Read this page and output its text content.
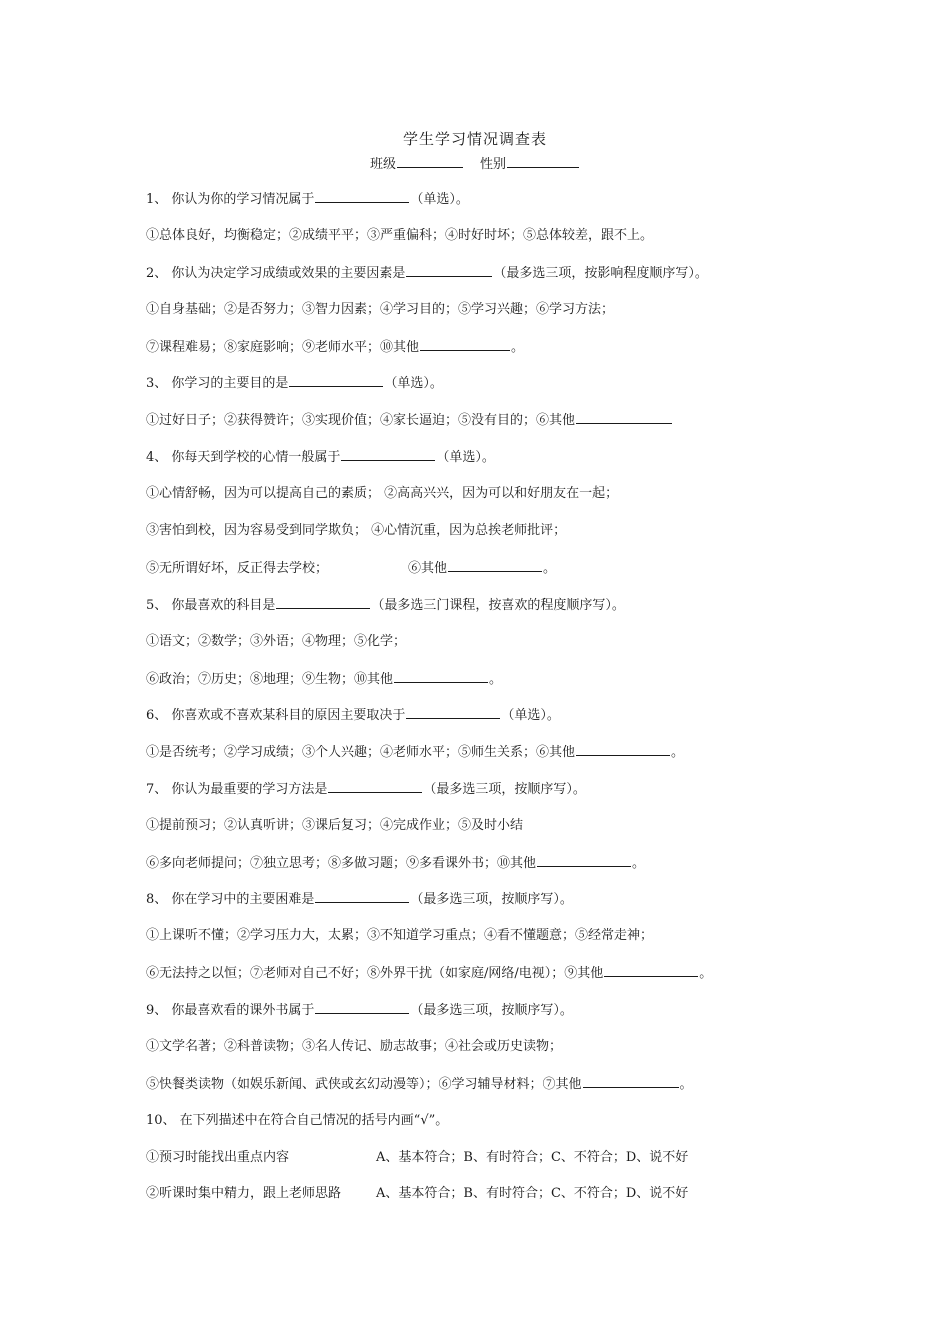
学生学习情况调查表
班级	性别
1、 你认为你的学习情况属于	（单选）。
①总体良好，均衡稳定；②成绩平平；③严重偏科；④时好时坏；⑤总体较差，跟不上。
2、 你认为决定学习成绩或效果的主要因素是	（最多选三项，按影响程度顺序写）。
①自身基础；②是否努力；③智力因素；④学习目的；⑤学习兴趣；⑥学习方法；
⑦课程难易；⑧家庭影响；⑨老师水平；⑩其他	。
3、 你学习的主要目的是	（单选）。
①过好日子；②获得赞许；③实现价值；④家长逼迫；⑤没有目的；⑥其他
4、 你每天到学校的心情一般属于	（单选）。
①心情舒畅，因为可以提高自己的素质； ②高高兴兴，因为可以和好朋友在一起；
③害怕到校，因为容易受到同学欺负； ④心情沉重，因为总挨老师批评；
⑤无所谓好坏，反正得去学校；	⑥其他	。
5、 你最喜欢的科目是	（最多选三门课程，按喜欢的程度顺序写）。
①语文；②数学；③外语；④物理；⑤化学；
⑥政治；⑦历史；⑧地理；⑨生物；⑩其他	。
6、 你喜欢或不喜欢某科目的原因主要取决于	（单选）。
①是否统考；②学习成绩；③个人兴趣；④老师水平；⑤师生关系；⑥其他	。
7、 你认为最重要的学习方法是	（最多选三项，按顺序写）。
①提前预习；②认真听讲；③课后复习；④完成作业；⑤及时小结
⑥多向老师提问；⑦独立思考；⑧多做习题；⑨多看课外书；⑩其他	。
8、 你在学习中的主要困难是	（最多选三项，按顺序写）。
①上课听不懂；②学习压力大，太累；③不知道学习重点；④看不懂题意；⑤经常走神；
⑥无法持之以恒；⑦老师对自己不好；⑧外界干扰（如家庭/网络/电视）；⑨其他	。
9、 你最喜欢看的课外书属于	（最多选三项，按顺序写）。
①文学名著；②科普读物；③名人传记、励志故事；④社会或历史读物；
⑤快餐类读物（如娱乐新闻、武侠或玄幻动漫等）；⑥学习辅导材料；⑦其他	。
10、 在下列描述中在符合自己情况的括号内画“√”。
①预习时能找出重点内容	A、基本符合；B、有时符合；C、不符合；D、说不好
②听课时集中精力，跟上老师思路	A、基本符合；B、有时符合；C、不符合；D、说不好
